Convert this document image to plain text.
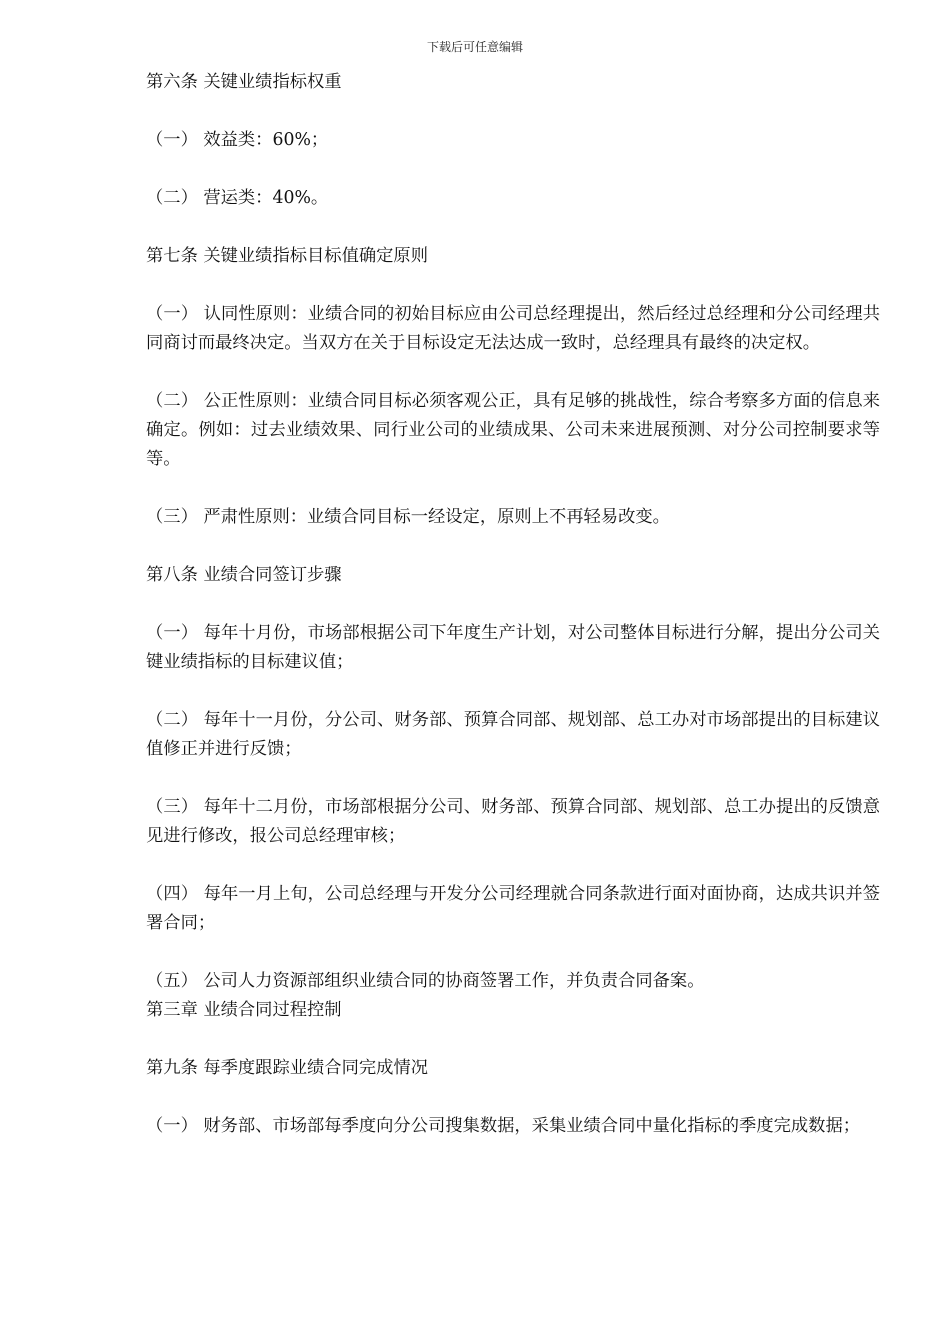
下载后可任意编辑

第六条 关键业绩指标权重

（一） 效益类：60%；

（二） 营运类：40%。

第七条 关键业绩指标目标值确定原则

（一） 认同性原则：业绩合同的初始目标应由公司总经理提出，然后经过总经理和分公司经理共同商讨而最终决定。当双方在关于目标设定无法达成一致时，总经理具有最终的决定权。

（二） 公正性原则：业绩合同目标必须客观公正，具有足够的挑战性，综合考察多方面的信息来确定。例如：过去业绩效果、同行业公司的业绩成果、公司未来进展预测、对分公司控制要求等等。

（三） 严肃性原则：业绩合同目标一经设定，原则上不再轻易改变。

第八条 业绩合同签订步骤

（一） 每年十月份，市场部根据公司下年度生产计划，对公司整体目标进行分解，提出分公司关键业绩指标的目标建议值；

（二） 每年十一月份，分公司、财务部、预算合同部、规划部、总工办对市场部提出的目标建议值修正并进行反馈；

（三） 每年十二月份，市场部根据分公司、财务部、预算合同部、规划部、总工办提出的反馈意见进行修改，报公司总经理审核；

（四） 每年一月上旬，公司总经理与开发分公司经理就合同条款进行面对面协商，达成共识并签署合同；

（五） 公司人力资源部组织业绩合同的协商签署工作，并负责合同备案。

第三章 业绩合同过程控制

第九条 每季度跟踪业绩合同完成情况

（一） 财务部、市场部每季度向分公司搜集数据，采集业绩合同中量化指标的季度完成数据；
